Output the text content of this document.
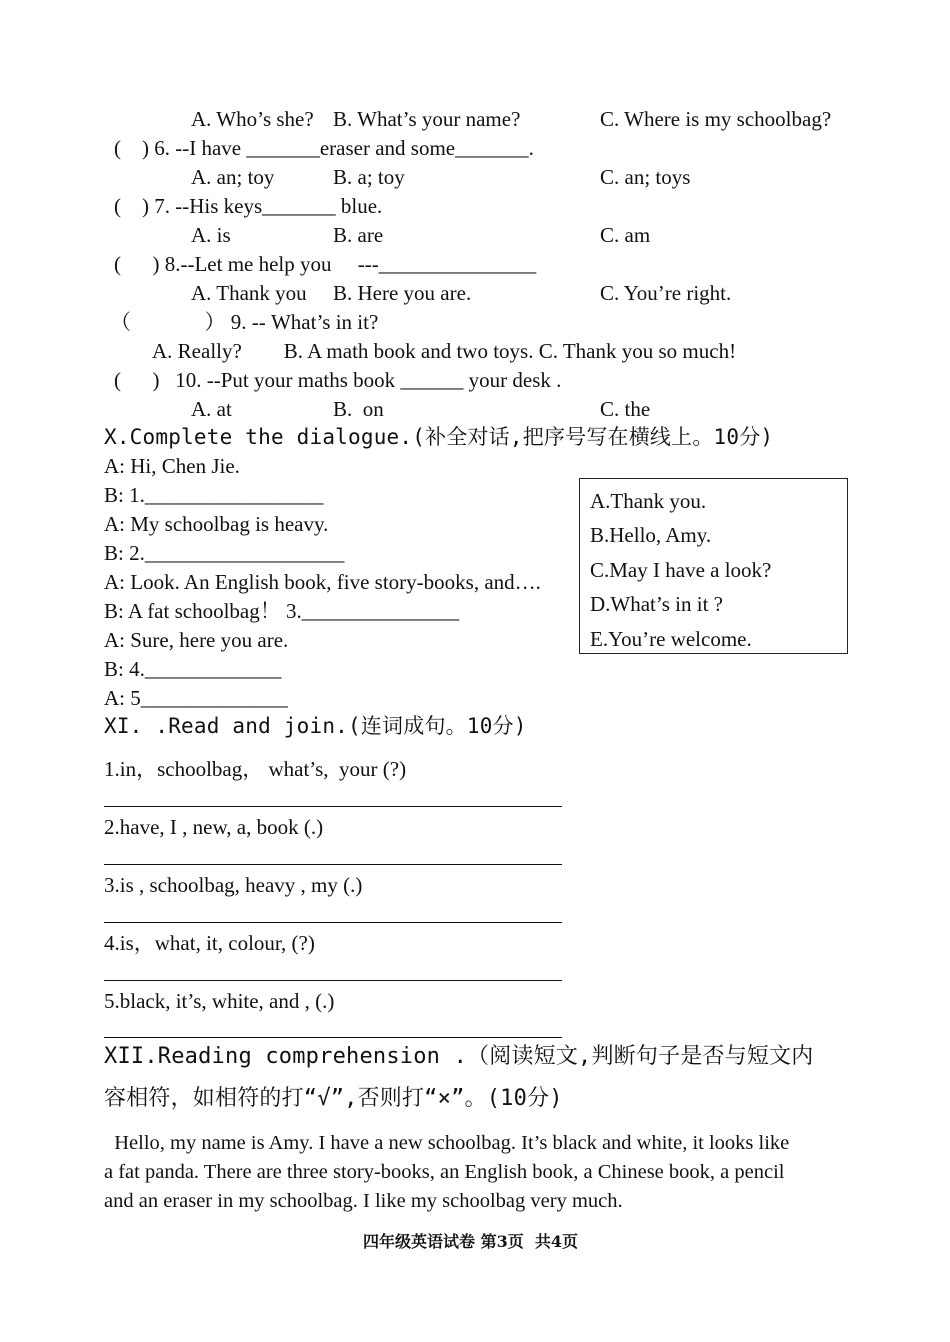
A. Who’s she? B. What’s your name?	C. Where is my schoolbag?
(    ) 6. --I have _______eraser and some_______.
A. an; toy	B. a; toy	C. an; toys
(    ) 7. --His keys_______ blue.
A. is	B. are	C. am
(      ) 8.--Let me help you     ---_______________
A. Thank you B. Here you are.	C. You’re right.
（              ） 9. -- What’s in it?
A. Really?        B. A math book and two toys. C. Thank you so much!
(      )   10. --Put your maths book ______ your desk .
A. at	B.  on	C. the
X.Complete the dialogue.(补全对话,把序号写在横线上。10分)
A: Hi, Chen Jie.
B: 1._________________
A: My schoolbag is heavy.
B: 2.___________________
A: Look. An English book, five story-books, and….
B: A fat schoolbag！ 3._______________
A: Sure, here you are.
B: 4._____________
A: 5______________
A.Thank you.
B.Hello, Amy.
C.May I have a look?
D.What’s in it ?
E.You’re welcome.
XI. .Read and join.(连词成句。10分)
1.in，schoolbag， what’s,  your (?)
2.have, I , new, a, book (.)
3.is , schoolbag, heavy , my (.)
4.is，what, it, colour, (?)
5.black, it’s, white, and , (.)
XII.Reading comprehension .（阅读短文,判断句子是否与短文内
容相符，如相符的打“√”,否则打“×”。(10分)
Hello, my name is Amy. I have a new schoolbag. It’s black and white, it looks like
a fat panda. There are three story-books, an English book, a Chinese book, a pencil
and an eraser in my schoolbag. I like my schoolbag very much.
四年级英语试卷 第3页  共4页
